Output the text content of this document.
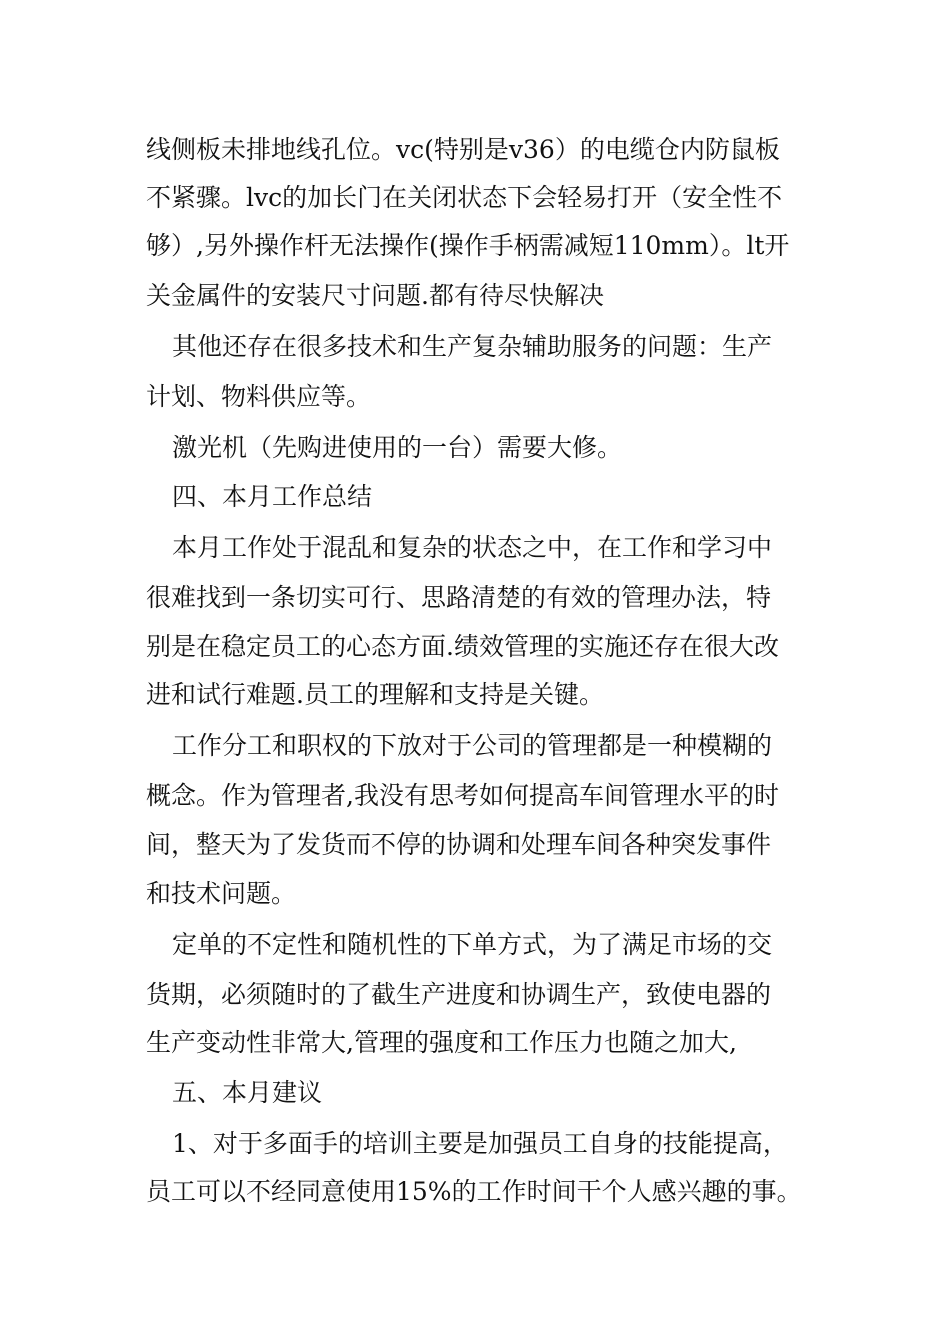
线侧板未排地线孔位。vc(特别是v36）的电缆仓内防鼠板
不紧骤。lvc的加长门在关闭状态下会轻易打开（安全性不
够）,另外操作杆无法操作(操作手柄需减短110mm）。lt开
关金属件的安装尺寸问题.都有待尽快解决
其他还存在很多技术和生产复杂辅助服务的问题：生产
计划、物料供应等。
激光机（先购进使用的一台）需要大修。
四、本月工作总结
本月工作处于混乱和复杂的状态之中，在工作和学习中
很难找到一条切实可行、思路清楚的有效的管理办法，特
别是在稳定员工的心态方面.绩效管理的实施还存在很大改
进和试行难题.员工的理解和支持是关键。
工作分工和职权的下放对于公司的管理都是一种模糊的
概念。作为管理者,我没有思考如何提高车间管理水平的时
间，整天为了发货而不停的协调和处理车间各种突发事件
和技术问题。
定单的不定性和随机性的下单方式，为了满足市场的交
货期，必须随时的了截生产进度和协调生产，致使电器的
生产变动性非常大,管理的强度和工作压力也随之加大,
五、本月建议
1、对于多面手的培训主要是加强员工自身的技能提高，
员工可以不经同意使用15%的工作时间干个人感兴趣的事。
